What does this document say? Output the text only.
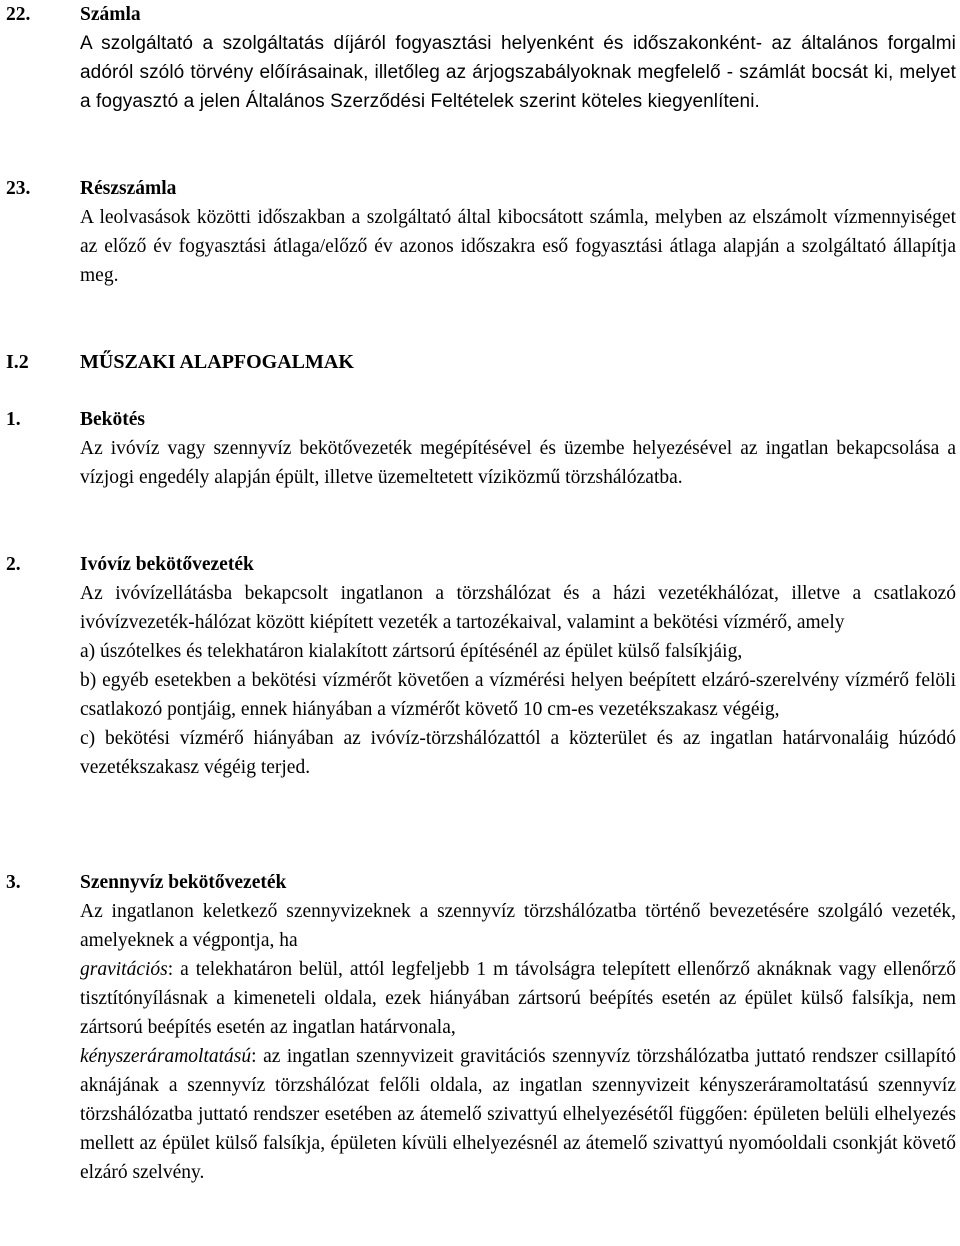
22.	Számla

A szolgáltató a szolgáltatás díjáról fogyasztási helyenként és időszakonként- az általános forgalmi adóról szóló törvény előírásainak, illetőleg az árjogszabályoknak megfelelő - számlát bocsát ki, melyet a fogyasztó a jelen Általános Szerződési Feltételek szerint köteles kiegyenlíteni.

23.	Részszámla

A leolvasások közötti időszakban a szolgáltató által kibocsátott számla, melyben az elszámolt vízmennyiséget az előző év fogyasztási átlaga/előző év azonos időszakra eső fogyasztási átlaga alapján a szolgáltató állapítja meg.

I.2	MŰSZAKI ALAPFOGALMAK
1.	Bekötés

Az ivóvíz vagy szennyvíz bekötővezeték megépítésével és üzembe helyezésével az ingatlan bekapcsolása a vízjogi engedély alapján épült, illetve üzemeltetett víziközmű törzshálózatba.

2.	Ivóvíz bekötővezeték

Az ivóvízellátásba bekapcsolt ingatlanon a törzshálózat és a házi vezetékhálózat, illetve a csatlakozó ivóvízvezeték-hálózat között kiépített vezeték a tartozékaival, valamint a bekötési vízmérő, amely

a) úszótelkes és telekhatáron kialakított zártsorú építésénél az épület külső falsíkjáig,

b) egyéb esetekben a bekötési vízmérőt követően a vízmérési helyen beépített elzáró-szerelvény vízmérő felöli csatlakozó pontjáig, ennek hiányában a vízmérőt követő 10 cm-es vezetékszakasz végéig,

c) bekötési vízmérő hiányában az ivóvíz-törzshálózattól a közterület és az ingatlan határvonaláig húzódó vezetékszakasz végéig terjed.

3.	Szennyvíz bekötővezeték

Az ingatlanon keletkező szennyvizeknek a szennyvíz törzshálózatba történő bevezetésére szolgáló vezeték, amelyeknek a végpontja, ha

gravitációs: a telekhatáron belül, attól legfeljebb 1 m távolságra telepített ellenőrző aknáknak vagy ellenőrző tisztítónyílásnak a kimeneteli oldala, ezek hiányában zártsorú beépítés esetén az épület külső falsíkja, nem zártsorú beépítés esetén az ingatlan határvonala,

kényszeráramoltatású: az ingatlan szennyvizeit gravitációs szennyvíz törzshálózatba juttató rendszer csillapító aknájának a szennyvíz törzshálózat felőli oldala, az ingatlan szennyvizeit kényszeráramoltatású szennyvíz törzshálózatba juttató rendszer esetében az átemelő szivattyú elhelyezésétől függően: épületen belüli elhelyezés mellett az épület külső falsíkja, épületen kívüli elhelyezésnél az átemelő szivattyú nyomóoldali csonkját követő elzáró szelvény.
